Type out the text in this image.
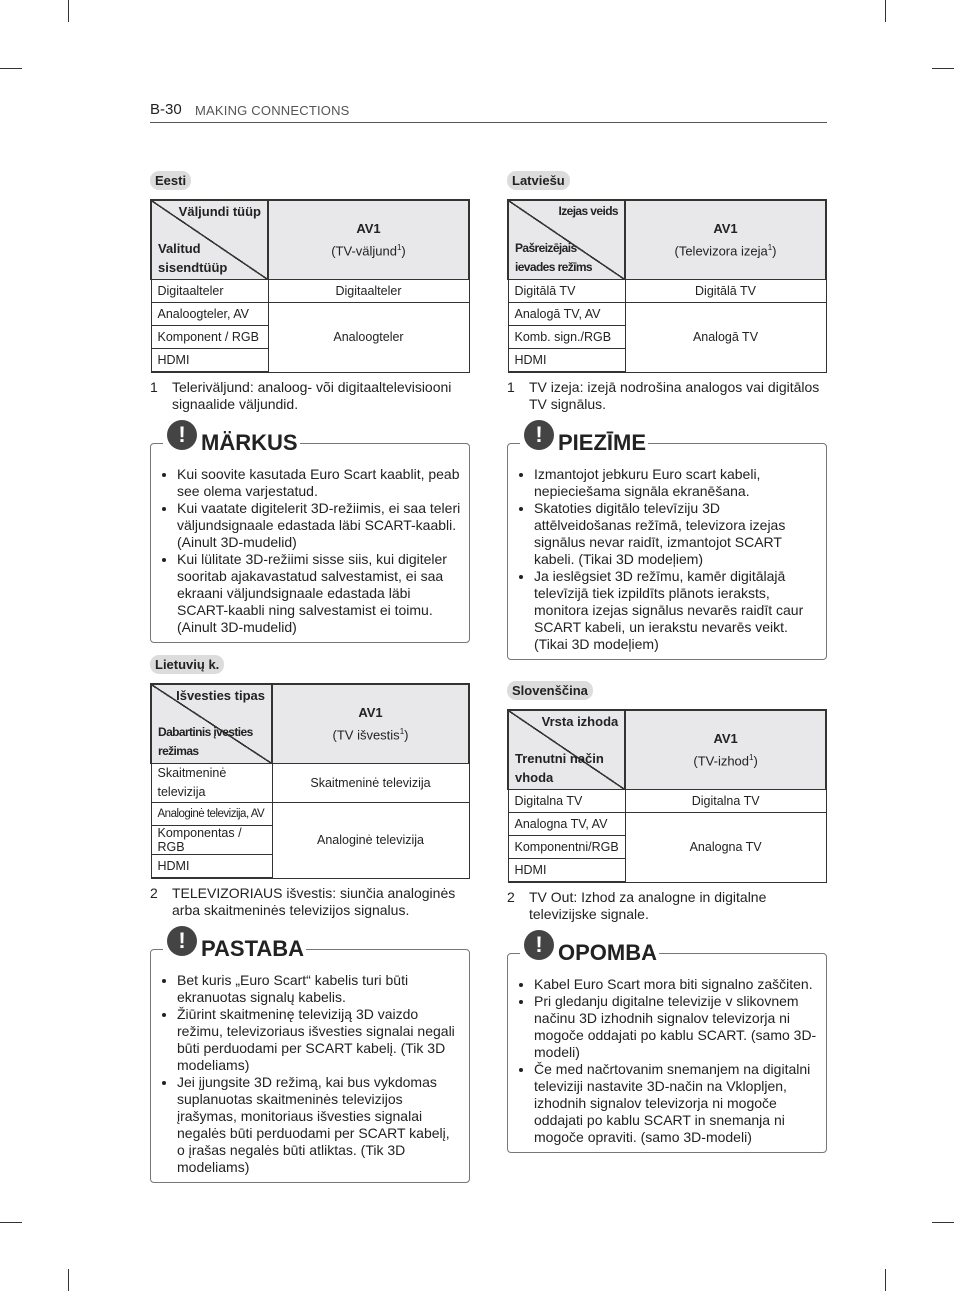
B-30 MAKING CONNECTIONS
Eesti
Väljundi tüüp
Valitud sisendtüüp	AV1
(TV-väljund$^1$)
Digitaalteler	Digitaalteler
Analoogteler, AV	Analoogteler
Komponent / RGB	
HDMI	
1	Teleriväljund: analoog- või digitaaltelevisiooni signaalide väljundid.
! MÄRKUS
• Kui soovite kasutada Euro Scart kaablit, peab see olema varjestatud.
• Kui vaatate digitelerit 3D-režiimis, ei saa teleri väljundsignaale edastada läbi SCART-kaabli. (Ainult 3D-mudelid)
• Kui lülitate 3D-režiimi sisse siis, kui digiteler sooritab ajakavastatud salvestamist, ei saa ekraani väljundsignaale edastada läbi SCART-kaabli ning salvestamist ei toimu. (Ainult 3D-mudelid)
Lietuvių k.
Išvesties tipas
Dabartinis įvesties režimas	AV1
(TV išvestis$^1$)
Skaitmeninė televizija	Skaitmeninė televizija
Analoginė televizija, AV	Analoginė televizija
Komponentas / RGB	
HDMI	
2	TELEVIZORIAUS išvestis: siunčia analoginės arba skaitmeninės televizijos signalus.
! PASTABA
• Bet kuris „Euro Scart“ kabelis turi būti ekranuotas signalų kabelis.
• Žiūrint skaitmeninę televiziją 3D vaizdo režimu, televizoriaus išvesties signalai negali būti perduodami per SCART kabelį. (Tik 3D modeliams)
• Jei įjungsite 3D režimą, kai bus vykdomas suplanuotas skaitmeninės televizijos įrašymas, monitoriaus išvesties signalai negalės būti perduodami per SCART kabelį, o įrašas negalės būti atliktas. (Tik 3D modeliams)
Latviešu
Izejas veids
Pašreizējais ievades režīms	AV1
(Televizora izeja$^1$)
Digitālā TV	Digitālā TV
Analogā TV, AV	Analogā TV
Komb. sign./RGB	
HDMI	
1	TV izeja: izejā nodrošina analogos vai digitālos TV signālus.
! PIEZĪME
• Izmantojot jebkuru Euro scart kabeli, nepieciešama signāla ekranēšana.
• Skatoties digitālo televīziju 3D attēlveidošanas režīmā, televizora izejas signālus nevar raidīt, izmantojot SCART kabeli. (Tikai 3D modeļiem)
• Ja ieslēgsiet 3D režīmu, kamēr digitālajā televīzijā tiek izpildīts plānots ieraksts, monitora izejas signālus nevarēs raidīt caur SCART kabeli, un ierakstu nevarēs veikt. (Tikai 3D modeļiem)
Slovenščina
Vrsta izhoda
Trenutni način vhoda	AV1
(TV-izhod$^1$)
Digitalna TV	Digitalna TV
Analogna TV, AV	Analogna TV
Komponentni/RGB	
HDMI	
2	TV Out: Izhod za analogne in digitalne televizijske signale.
! OPOMBA
• Kabel Euro Scart mora biti signalno zaščiten.
• Pri gledanju digitalne televizije v slikovnem načinu 3D izhodnih signalov televizorja ni mogoče oddajati po kablu SCART. (samo 3D-modeli)
• Če med načrtovanim snemanjem na digitalni televiziji nastavite 3D-način na Vklopljen, izhodnih signalov televizorja ni mogoče oddajati po kablu SCART in snemanja ni mogoče opraviti. (samo 3D-modeli)
